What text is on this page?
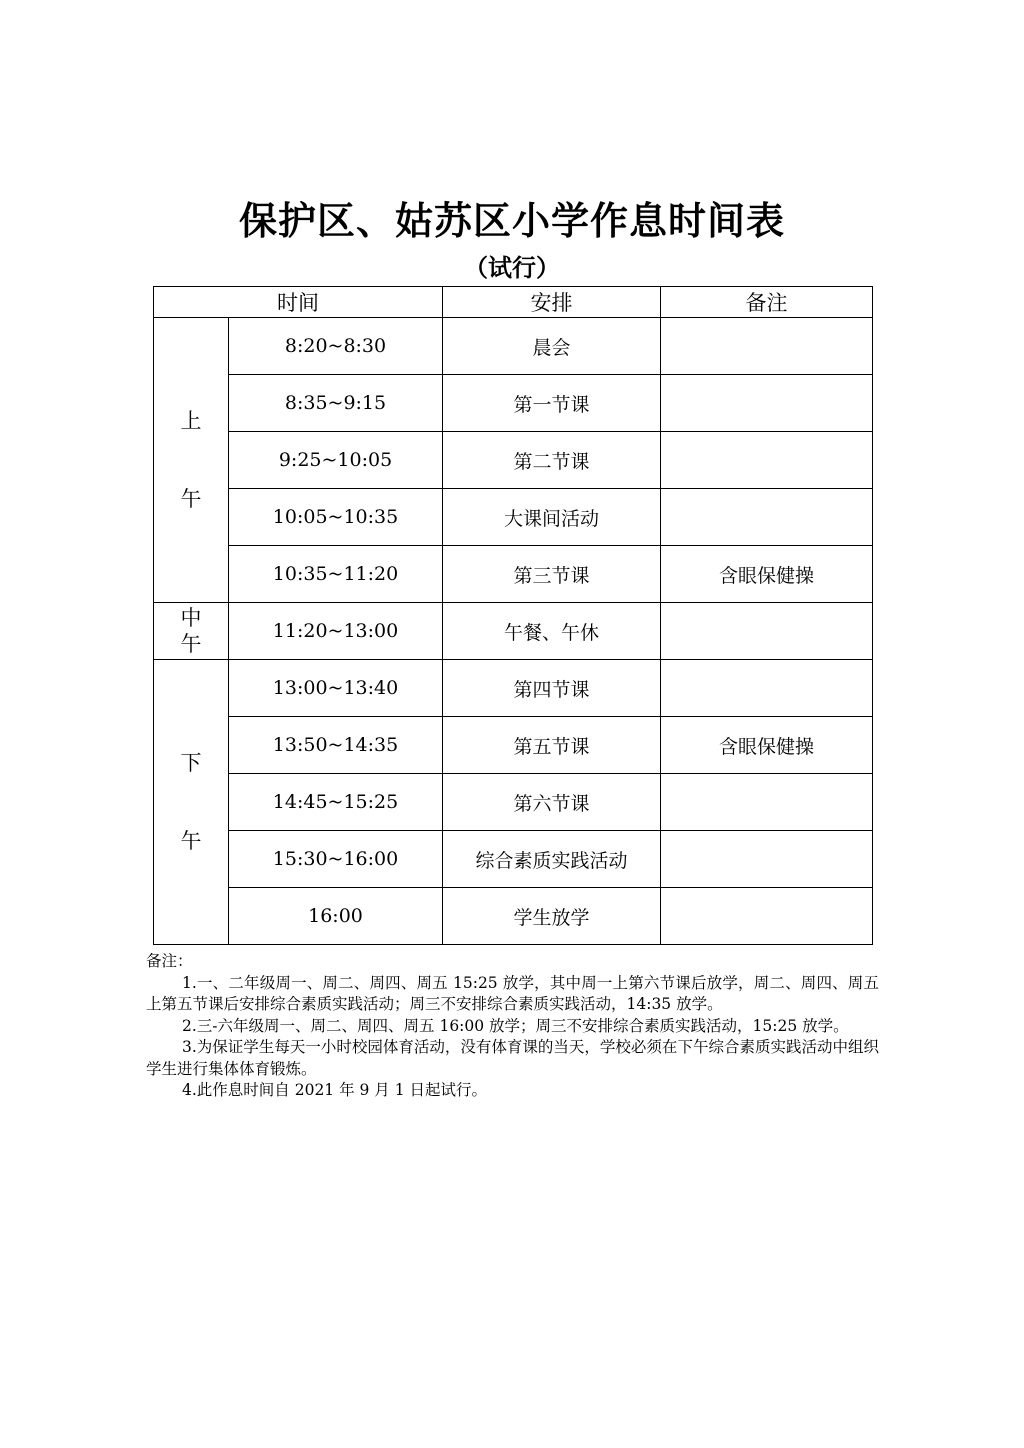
保护区、姑苏区小学作息时间表
（试行）
时间		安排	备注

上
午	8:20~8:30	晨会	
	8:35~9:15	第一节课	
	9:25~10:05	第二节课	
	10:05~10:35	大课间活动	
	10:35~11:20	第三节课	含眼保健操

中
午	11:20~13:00	午餐、午休	

下
午	13:00~13:40	第四节课	
	13:50~14:35	第五节课	含眼保健操
	14:45~15:25	第六节课	
	15:30~16:00	综合素质实践活动	
	16:00	学生放学	

备注：

1.一、二年级周一、周二、周四、周五 15:25 放学，其中周一上第六节课后放学，周二、周四、周五上第五节课后安排综合素质实践活动；周三不安排综合素质实践活动，14:35 放学。

2.三-六年级周一、周二、周四、周五 16:00 放学；周三不安排综合素质实践活动，15:25 放学。

3.为保证学生每天一小时校园体育活动，没有体育课的当天，学校必须在下午综合素质实践活动中组织学生进行集体体育锻炼。

4.此作息时间自 2021 年 9 月 1 日起试行。
